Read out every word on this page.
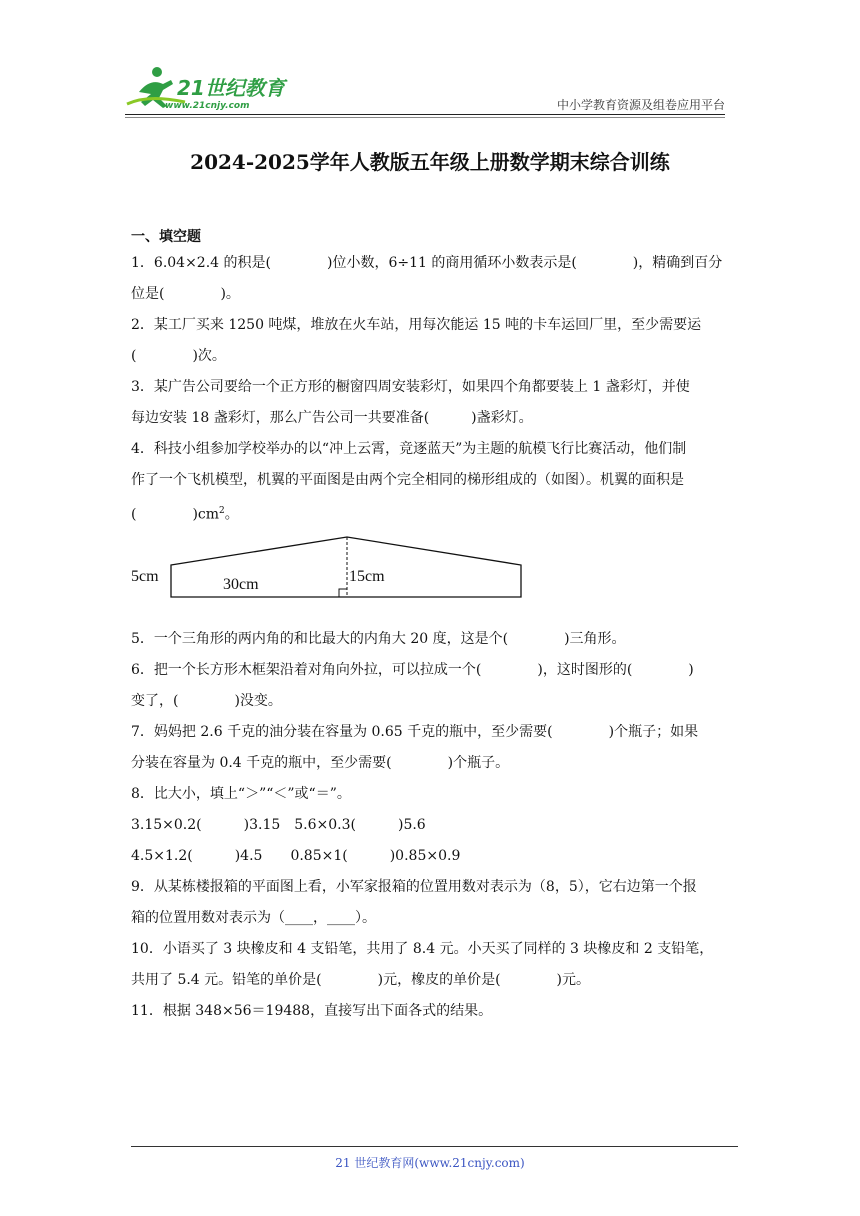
21世纪教育
www.21cnjy.com	中小学教育资源及组卷应用平台
2024-2025学年人教版五年级上册数学期末综合训练
一、填空题
1．6.04×2.4 的积是(　　　　)位小数，6÷11 的商用循环小数表示是(　　　　)，精确到百分
位是(　　　　)。
2．某工厂买来 1250 吨煤，堆放在火车站，用每次能运 15 吨的卡车运回厂里，至少需要运
(　　　　)次。
3．某广告公司要给一个正方形的橱窗四周安装彩灯，如果四个角都要装上 1 盏彩灯，并使
每边安装 18 盏彩灯，那么广告公司一共要准备(　　　)盏彩灯。
4．科技小组参加学校举办的以“冲上云霄，竞逐蓝天”为主题的航模飞行比赛活动，他们制
作了一个飞机模型，机翼的平面图是由两个完全相同的梯形组成的（如图）。机翼的面积是
(　　　　)$cm^2$。
5cm	30cm	15cm
5．一个三角形的两内角的和比最大的内角大 20 度，这是个(　　　　)三角形。
6．把一个长方形木框架沿着对角向外拉，可以拉成一个(　　　　)，这时图形的(　　　　)
变了，(　　　　)没变。
7．妈妈把 2.6 千克的油分装在容量为 0.65 千克的瓶中，至少需要(　　　　)个瓶子；如果
分装在容量为 0.4 千克的瓶中，至少需要(　　　　)个瓶子。
8．比大小，填上“＞”“＜”或“＝”。
3.15×0.2(　　　)3.15　5.6×0.3(　　　)5.6
4.5×1.2(　　　)4.5　　0.85×1(　　　)0.85×0.9
9．从某栋楼报箱的平面图上看，小军家报箱的位置用数对表示为（8，5），它右边第一个报
箱的位置用数对表示为（____，____）。
10．小语买了 3 块橡皮和 4 支铅笔，共用了 8.4 元。小天买了同样的 3 块橡皮和 2 支铅笔，
共用了 5.4 元。铅笔的单价是(　　　　)元，橡皮的单价是(　　　　)元。
11．根据 348×56＝19488，直接写出下面各式的结果。
21 世纪教育网(www.21cnjy.com)
